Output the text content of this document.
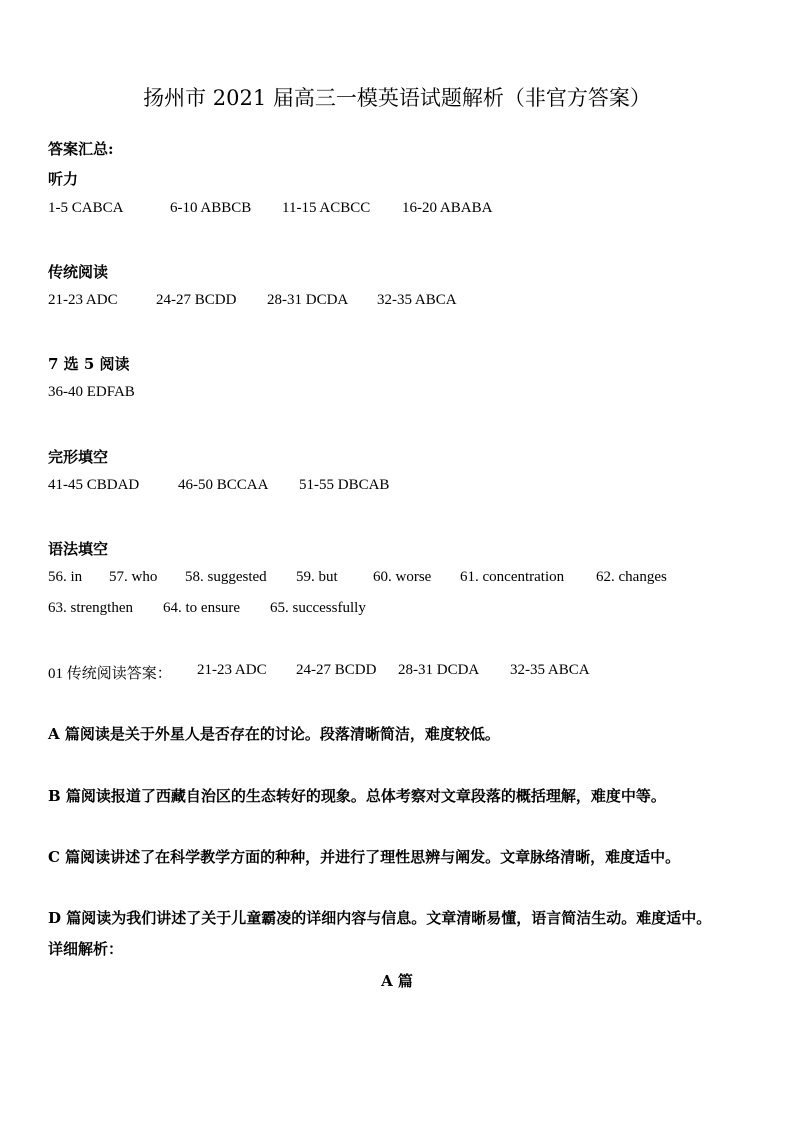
扬州市 2021 届高三一模英语试题解析（非官方答案）
答案汇总:
听力
1-5 CABCA	6-10 ABBCB 11-15 ACBCC 16-20 ABABA
传统阅读
21-23 ADC	24-27 BCDD 28-31 DCDA 32-35 ABCA
7 选 5 阅读
36-40 EDFAB
完形填空
41-45 CBDAD	46-50 BCCAA 51-55 DBCAB
语法填空
56. in 57. who 58. suggested 59. but 60. worse 61. concentration 62. changes
63. strengthen 64. to ensure 65. successfully
01 传统阅读答案： 21-23 ADC 24-27 BCDD 28-31 DCDA 32-35 ABCA
A 篇阅读是关于外星人是否存在的讨论。段落清晰简洁，难度较低。
B 篇阅读报道了西藏自治区的生态转好的现象。总体考察对文章段落的概括理解，难度中等。
C 篇阅读讲述了在科学教学方面的种种，并进行了理性思辨与阐发。文章脉络清晰，难度适中。
D 篇阅读为我们讲述了关于儿童霸凌的详细内容与信息。文章清晰易懂，语言简洁生动。难度适中。
详细解析：
A 篇
